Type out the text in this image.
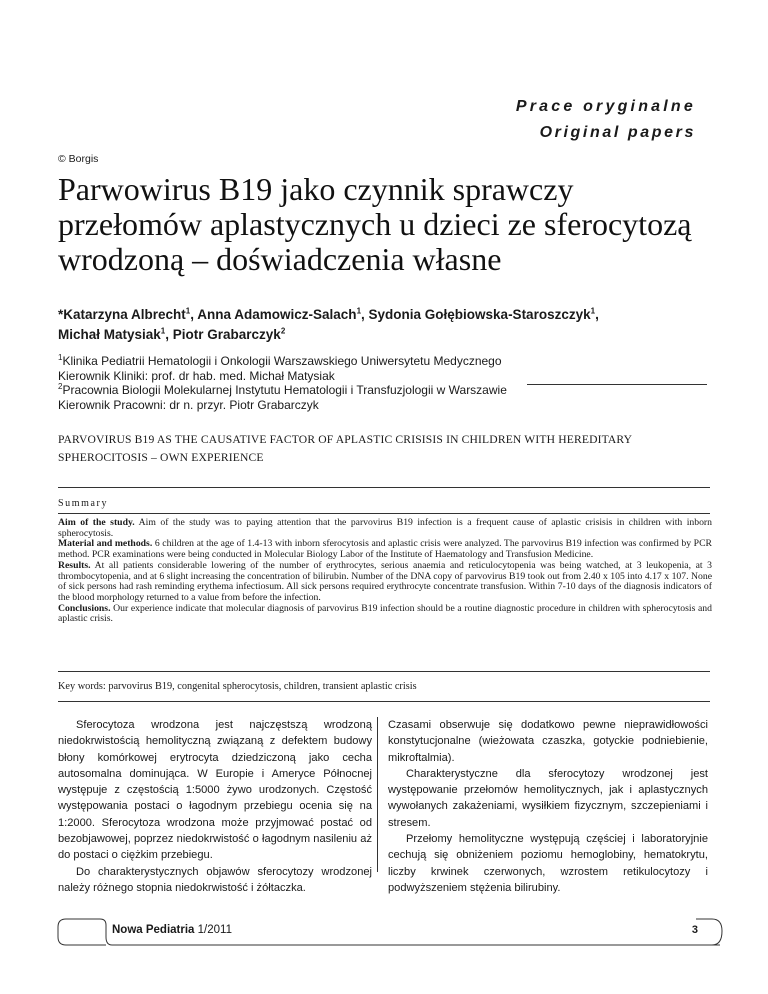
Prace oryginalne
Original papers
© Borgis
Parwowirus B19 jako czynnik sprawczy przełomów aplastycznych u dzieci ze sferocytozą wrodzoną – doświadczenia własne
*Katarzyna Albrecht$^1$, Anna Adamowicz-Salach$^1$, Sydonia Gołębiowska-Staroszczyk$^1$,
Michał Matysiak$^1$, Piotr Grabarczyk$^2$
$^1$Klinika Pediatrii Hematologii i Onkologii Warszawskiego Uniwersytetu Medycznego
Kierownik Kliniki: prof. dr hab. med. Michał Matysiak
$^2$Pracownia Biologii Molekularnej Instytutu Hematologii i Transfuzjologii w Warszawie
Kierownik Pracowni: dr n. przyr. Piotr Grabarczyk
PARVOVIRUS B19 AS THE CAUSATIVE FACTOR OF APLASTIC CRISISIS IN CHILDREN WITH HEREDITARY SPHEROCITOSIS – OWN EXPERIENCE
Summary

Aim of the study. Aim of the study was to paying attention that the parvovirus B19 infection is a frequent cause of aplastic crisisis in children with inborn spherocytosis.

Material and methods. 6 children at the age of 1.4-13 with inborn sferocytosis and aplastic crisis were analyzed. The parvovirus B19 infection was confirmed by PCR method. PCR examinations were being conducted in Molecular Biology Labor of the Institute of Haematology and Transfusion Medicine.

Results. At all patients considerable lowering of the number of erythrocytes, serious anaemia and reticulocytopenia was being watched, at 3 leukopenia, at 3 thrombocytopenia, and at 6 slight increasing the concentration of bilirubin. Number of the DNA copy of parvovirus B19 took out from 2.40 x 105 into 4.17 x 107. None of sick persons had rash reminding erythema infectiosum. All sick persons required erythrocyte concentrate transfusion. Within 7-10 days of the diagnosis indicators of the blood morphology returned to a value from before the infection.

Conclusions. Our experience indicate that molecular diagnosis of parvovirus B19 infection should be a routine diagnostic procedure in children with spherocytosis and aplastic crisis.

Key words: parvovirus B19, congenital spherocytosis, children, transient aplastic crisis

Sferocytoza wrodzona jest najczęstszą wrodzoną niedokrwistością hemolityczną związaną z defektem budowy błony komórkowej erytrocyta dziedziczoną jako cecha autosomalna dominująca. W Europie i Ameryce Północnej występuje z częstością 1:5000 żywo urodzonych. Częstość występowania postaci o łagodnym przebiegu ocenia się na 1:2000. Sferocytoza wrodzona może przyjmować postać od bezobjawowej, poprzez niedokrwistość o łagodnym nasileniu aż do postaci o ciężkim przebiegu.

Do charakterystycznych objawów sferocytozy wrodzonej należy różnego stopnia niedokrwistość i żółtaczka.

Czasami obserwuje się dodatkowo pewne nieprawidłowości konstytucjonalne (wieżowata czaszka, gotyckie podniebienie, mikroftalmia).

Charakterystyczne dla sferocytozy wrodzonej jest występowanie przełomów hemolitycznych, jak i aplastycznych wywołanych zakażeniami, wysiłkiem fizycznym, szczepieniami i stresem.

Przełomy hemolityczne występują częściej i laboratoryjnie cechują się obniżeniem poziomu hemoglobiny, hematokrytu, liczby krwinek czerwonych, wzrostem retikulocytozy i podwyższeniem stężenia bilirubiny.

Nowa Pediatria 1/2011	3
